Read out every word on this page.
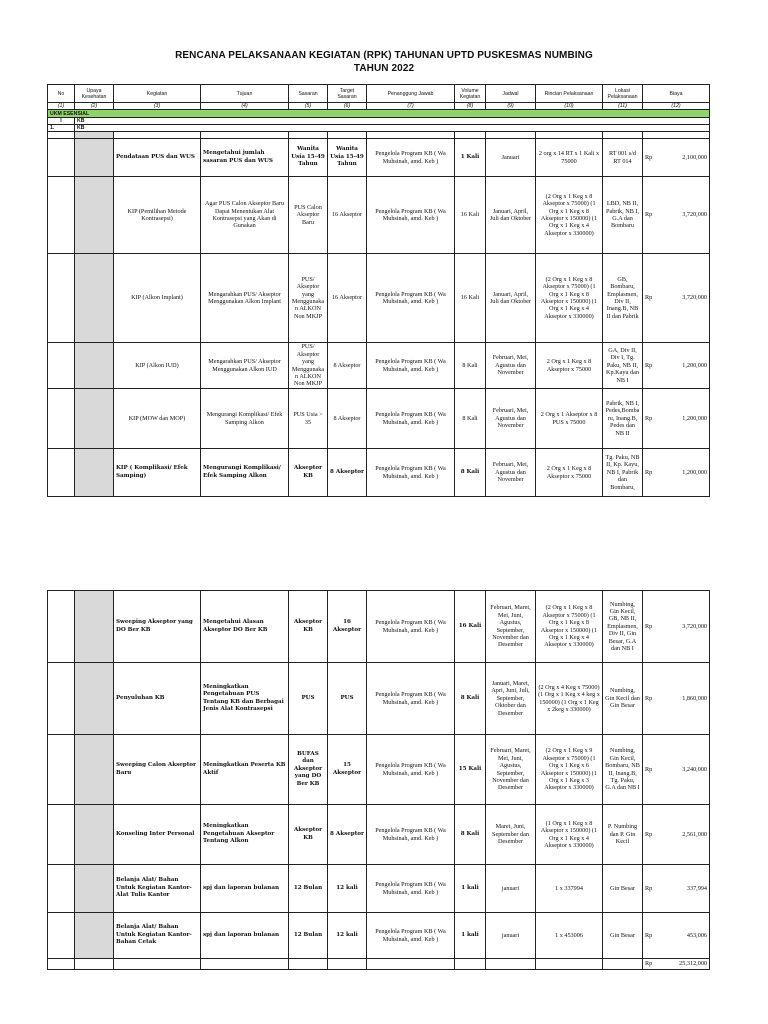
RENCANA PELAKSANAAN KEGIATAN (RPK) TAHUNAN UPTD PUSKESMAS NUMBING
TAHUN 2022
No	Upaya Kesehatan	Kegiatan	Tujuan	Sasaran	Target Sasaran	Penanggung Jawab	Volume Kegiatan	Jadwal	Rincian Pelaksanaan	Lokasi Pelaksanaan	Biaya	
(1)	(2)	(3)	(4)	(5)	(6)	(7)	(8)	(9)	(10)	(11)	(12)	
UKM ESENSIAL												
I	KB											
1.	KB											

		Pendataan PUS dan WUS	Mengetahui jumlah sasaran PUS dan WUS	Wanita Usia 15-49 Tahun	Wanita Usia 15-49 Tahun	Pengelola Program KB ( Wa Muhsinah, amd. Keb )	1 Kali	Januari	2 org x 14 RT x 1 Kali x 75000	RT 001 s/d RT 014	Rp	2,100,000
		KIP (Pemilihan Metode Kontrasepsi)	Agar PUS Calon Akseptor Baru Dapat Menentukan Alat Kontrasepsi yang Akan di Gunakan	PUS Calon Akseptor Baru	16 Akseptor	Pengelola Program KB ( Wa Muhsinah, amd. Keb )	16 Kali	Januari, April, Juli dan Oktober	(2 Org x 1 Keg x 8 Akseptor x 75000) (1 Org x 1 Keg x 8 Akseptor x 150000) (1 Org x 1 Keg x 4 Akseptor x 330000)	LBD, NB II, Pabrik, NB I, G.A dan Bombaru	Rp	3,720,000
		KIP (Alkon Implant)	Mengarahkan PUS/ Akseptor Menggunakan Alkon Implant	PUS/ Akseptor yang Menggunaka n ALKON Non MKJP	16 Akseptor	Pengelola Program KB ( Wa Muhsinah, amd. Keb )	16 Kali	Januari, April, Juli dan Oktober	(2 Org x 1 Keg x 8 Akseptor x 75000) (1 Org x 1 Keg x 8 Akseptor x 150000) (1 Org x 1 Keg x 4 Akseptor x 330000)	GB, Bombaru, Emplasmen, Div II, Inang.B, NB II dan Pabrik	Rp	3,720,000
		KIP (Alkon IUD)	Mengarahkan PUS/ Akseptor Menggunakan Alkon IUD	PUS/ Akseptor yang Menggunaka n ALKON Non MKJP	8 Akseptor	Pengelola Program KB ( Wa Muhsinah, amd. Keb )	8 Kali	Februari, Mei, Agustus dan November	2 Org x 1 Keg x 8 Akseptor x 75000	GA, Div II, Div I, Tg. Paku, NB II, Kp.Kayu dan NB I	Rp	1,200,000
		KIP (MOW dan MOP)	Mengurangi Komplikasi/ Efek Samping Alkon	PUS Usia > 35	8 Akseptor	Pengelola Program KB ( Wa Muhsinah, amd. Keb )	8 Kali	Februari, Mei, Agustus dan November	2 Org x 1 Akseptor x 8 PUS x 75000	Pabrik, NB I, Pedes,Bomba ru, Inang.B, Pedes dan NB II	Rp	1,200,000
		KIP ( Komplikasi/ Efek Samping)	Mengurangi Komplikasi/ Efek Samping Alkon	Akseptor KB	8 Akseptor	Pengelola Program KB ( Wa Muhsinah, amd. Keb )	8 Kali	Februari, Mei, Agustus dan November	2 Org x 1 Keg x 8 Akseptor x 75000	Tg. Paku, NB II, Kp. Kayu, NB I, Pabrik dan Bombaru,	Rp	1,200,000
		Sweeping Akseptor yang DO Ber KB	Mengetahui Alasan Akseptor DO Ber KB	Akseptor KB	16 Akseptor	Pengelola Program KB ( Wa Muhsinah, amd. Keb )	16 Kali	Februari, Maret, Mei, Juni, Agustus, September, November dan Desember	(2 Org x 1 Keg x 8 Akseptor x 75000) (1 Org x 1 Keg x 8 Akseptor x 150000) (1 Org x 1 Keg x 4 Akseptor x 330000)	Numbing, Gin Kecil, GB, NB II, Emplasmen, Div II, Gin Besar, G.A dan NB I	Rp	3,720,000
		Penyuluhan KB	Meningkatkan Pengetahuan PUS Tentang KB dan Berbagai Jenis Alat Kontrasepsi	PUS	PUS	Pengelola Program KB ( Wa Muhsinah, amd. Keb )	8 Kali	Januari, Maret, Apri, Juni, Juli, September, Oktober dan Desember	(2 Org x 4 Keg x 75000) (1 Org x 1 Keg x 4 keg x 150000) (1 Org x 1 Keg x 2keg x 330000)	Numbing, Gin Kecil dan Gin Besar	Rp	1,860,000
		Sweeping Calon Akseptor Baru	Meningkatkan Peserta KB Aktif	BUFAS dan Akseptor yang DO Ber KB	15 Akseptor	Pengelola Program KB ( Wa Muhsinah, amd. Keb )	15 Kali	Februari, Maret, Mei, Juni, Agustus, September, November dan Desember	(2 Org x 1 Keg x 9 Akseptor x 75000) (1 Org x 1 Keg x 6 Akseptor x 150000) (1 Org x 1 Keg x 3 Akseptor x 330000)	Numbing, Gin Kecil, Bombaru, NB II, Inang.B, Tg. Paku, G.A dan NB I	Rp	3,240,000
		Konseling Inter Personal	Meningkatkan Pengetahuan Akseptor Tentang Alkon	Akseptor KB	8 Akseptor	Pengelola Program KB ( Wa Muhsinah, amd. Keb )	8 Kali	Maret, Juni, September dan Desember	(1 Org x 1 Keg x 8 Akseptor x 150000) (1 Org x 1 Keg x 4 Akseptor x 330000)	P. Numbing dan P. Gin Kecil	Rp	2,561,000
		Belanja Alat/ Bahan Untuk Kegiatan Kantor-Alat Tulis Kantor	spj dan laporan bulanan	12 Bulan	12 kali	Pengelola Program KB ( Wa Muhsinah, amd. Keb )	1 kali	januari	1 x 337994	Gin Besar	Rp	337,994
		Belanja Alat/ Bahan Untuk Kegiatan Kantor-Bahan Cetak	spj dan laporan bulanan	12 Bulan	12 kali	Pengelola Program KB ( Wa Muhsinah, amd. Keb )	1 kali	januari	1 x 453006	Gin Besar	Rp	453,006
											Rp	25,312,000
